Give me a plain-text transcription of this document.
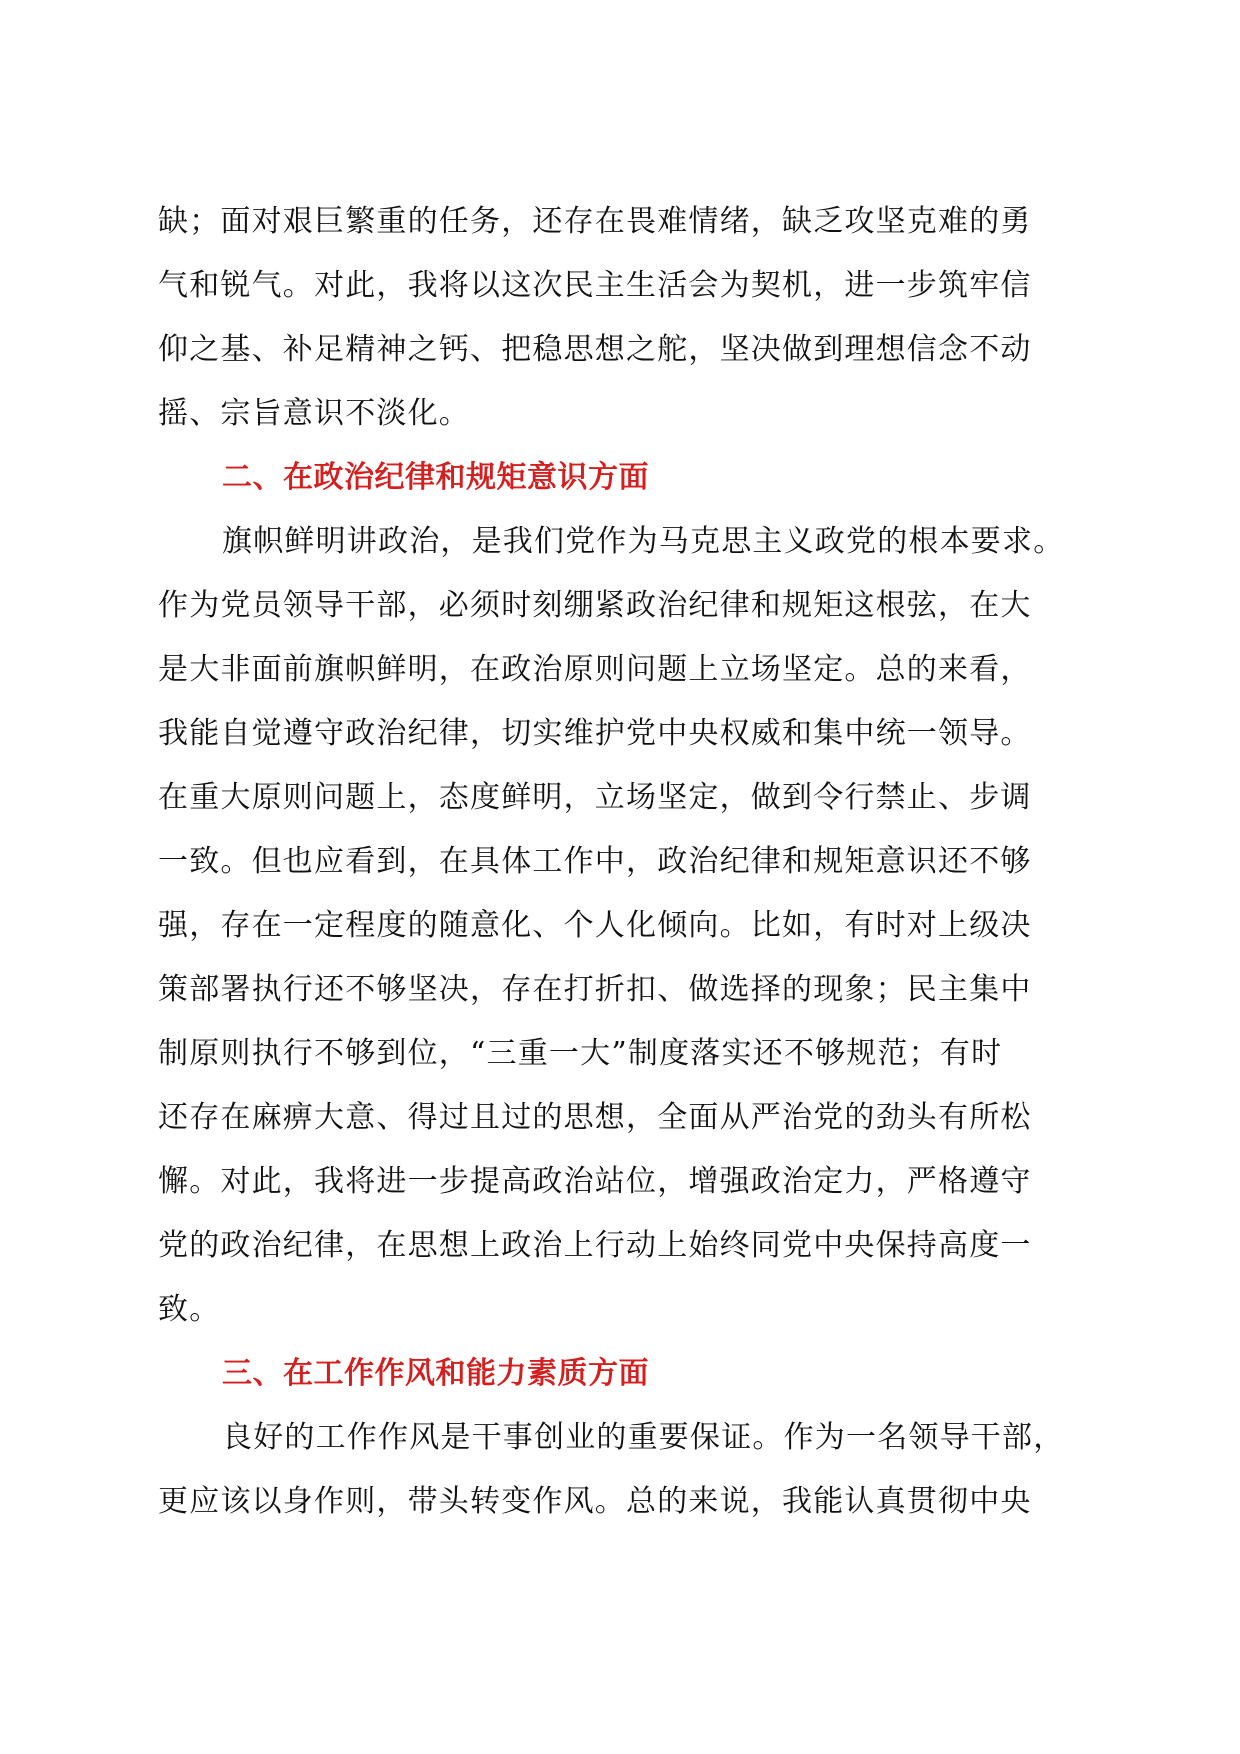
缺；面对艰巨繁重的任务，还存在畏难情绪，缺乏攻坚克难的勇
气和锐气。对此，我将以这次民主生活会为契机，进一步筑牢信
仰之基、补足精神之钙、把稳思想之舵，坚决做到理想信念不动
摇、宗旨意识不淡化。
二、在政治纪律和规矩意识方面
旗帜鲜明讲政治，是我们党作为马克思主义政党的根本要求。
作为党员领导干部，必须时刻绷紧政治纪律和规矩这根弦，在大
是大非面前旗帜鲜明，在政治原则问题上立场坚定。总的来看，
我能自觉遵守政治纪律，切实维护党中央权威和集中统一领导。
在重大原则问题上，态度鲜明，立场坚定，做到令行禁止、步调
一致。但也应看到，在具体工作中，政治纪律和规矩意识还不够
强，存在一定程度的随意化、个人化倾向。比如，有时对上级决
策部署执行还不够坚决，存在打折扣、做选择的现象；民主集中
制原则执行不够到位，“三重一大”制度落实还不够规范；有时
还存在麻痹大意、得过且过的思想，全面从严治党的劲头有所松
懈。对此，我将进一步提高政治站位，增强政治定力，严格遵守
党的政治纪律，在思想上政治上行动上始终同党中央保持高度一
致。
三、在工作作风和能力素质方面
良好的工作作风是干事创业的重要保证。作为一名领导干部，
更应该以身作则，带头转变作风。总的来说，我能认真贯彻中央
